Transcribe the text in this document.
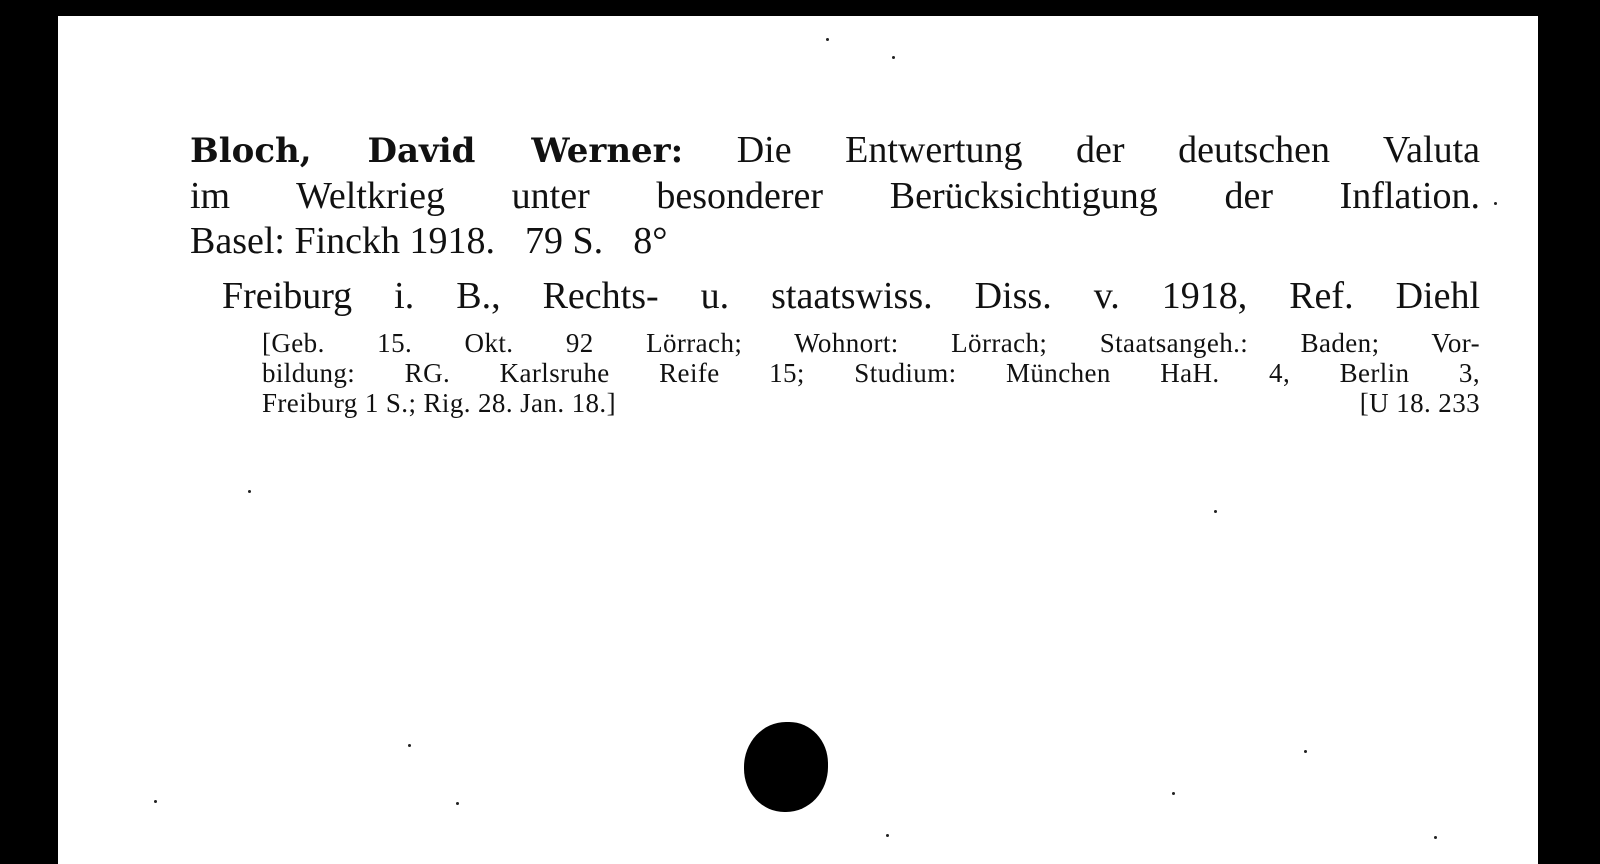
Bloch, David Werner: Die Entwertung der deutschen Valuta
im Weltkrieg unter besonderer Berücksichtigung der Inflation.
Basel: Finckh 1918. 79 S. 8°

Freiburg i. B., Rechts- u. staatswiss. Diss. v. 1918, Ref. Diehl

[Geb. 15. Okt. 92 Lörrach; Wohnort: Lörrach; Staatsangeh.: Baden; Vor-
bildung: RG. Karlsruhe Reife 15; Studium: München HaH. 4, Berlin 3,
Freiburg 1 S.; Rig. 28. Jan. 18.]	[U 18. 233
